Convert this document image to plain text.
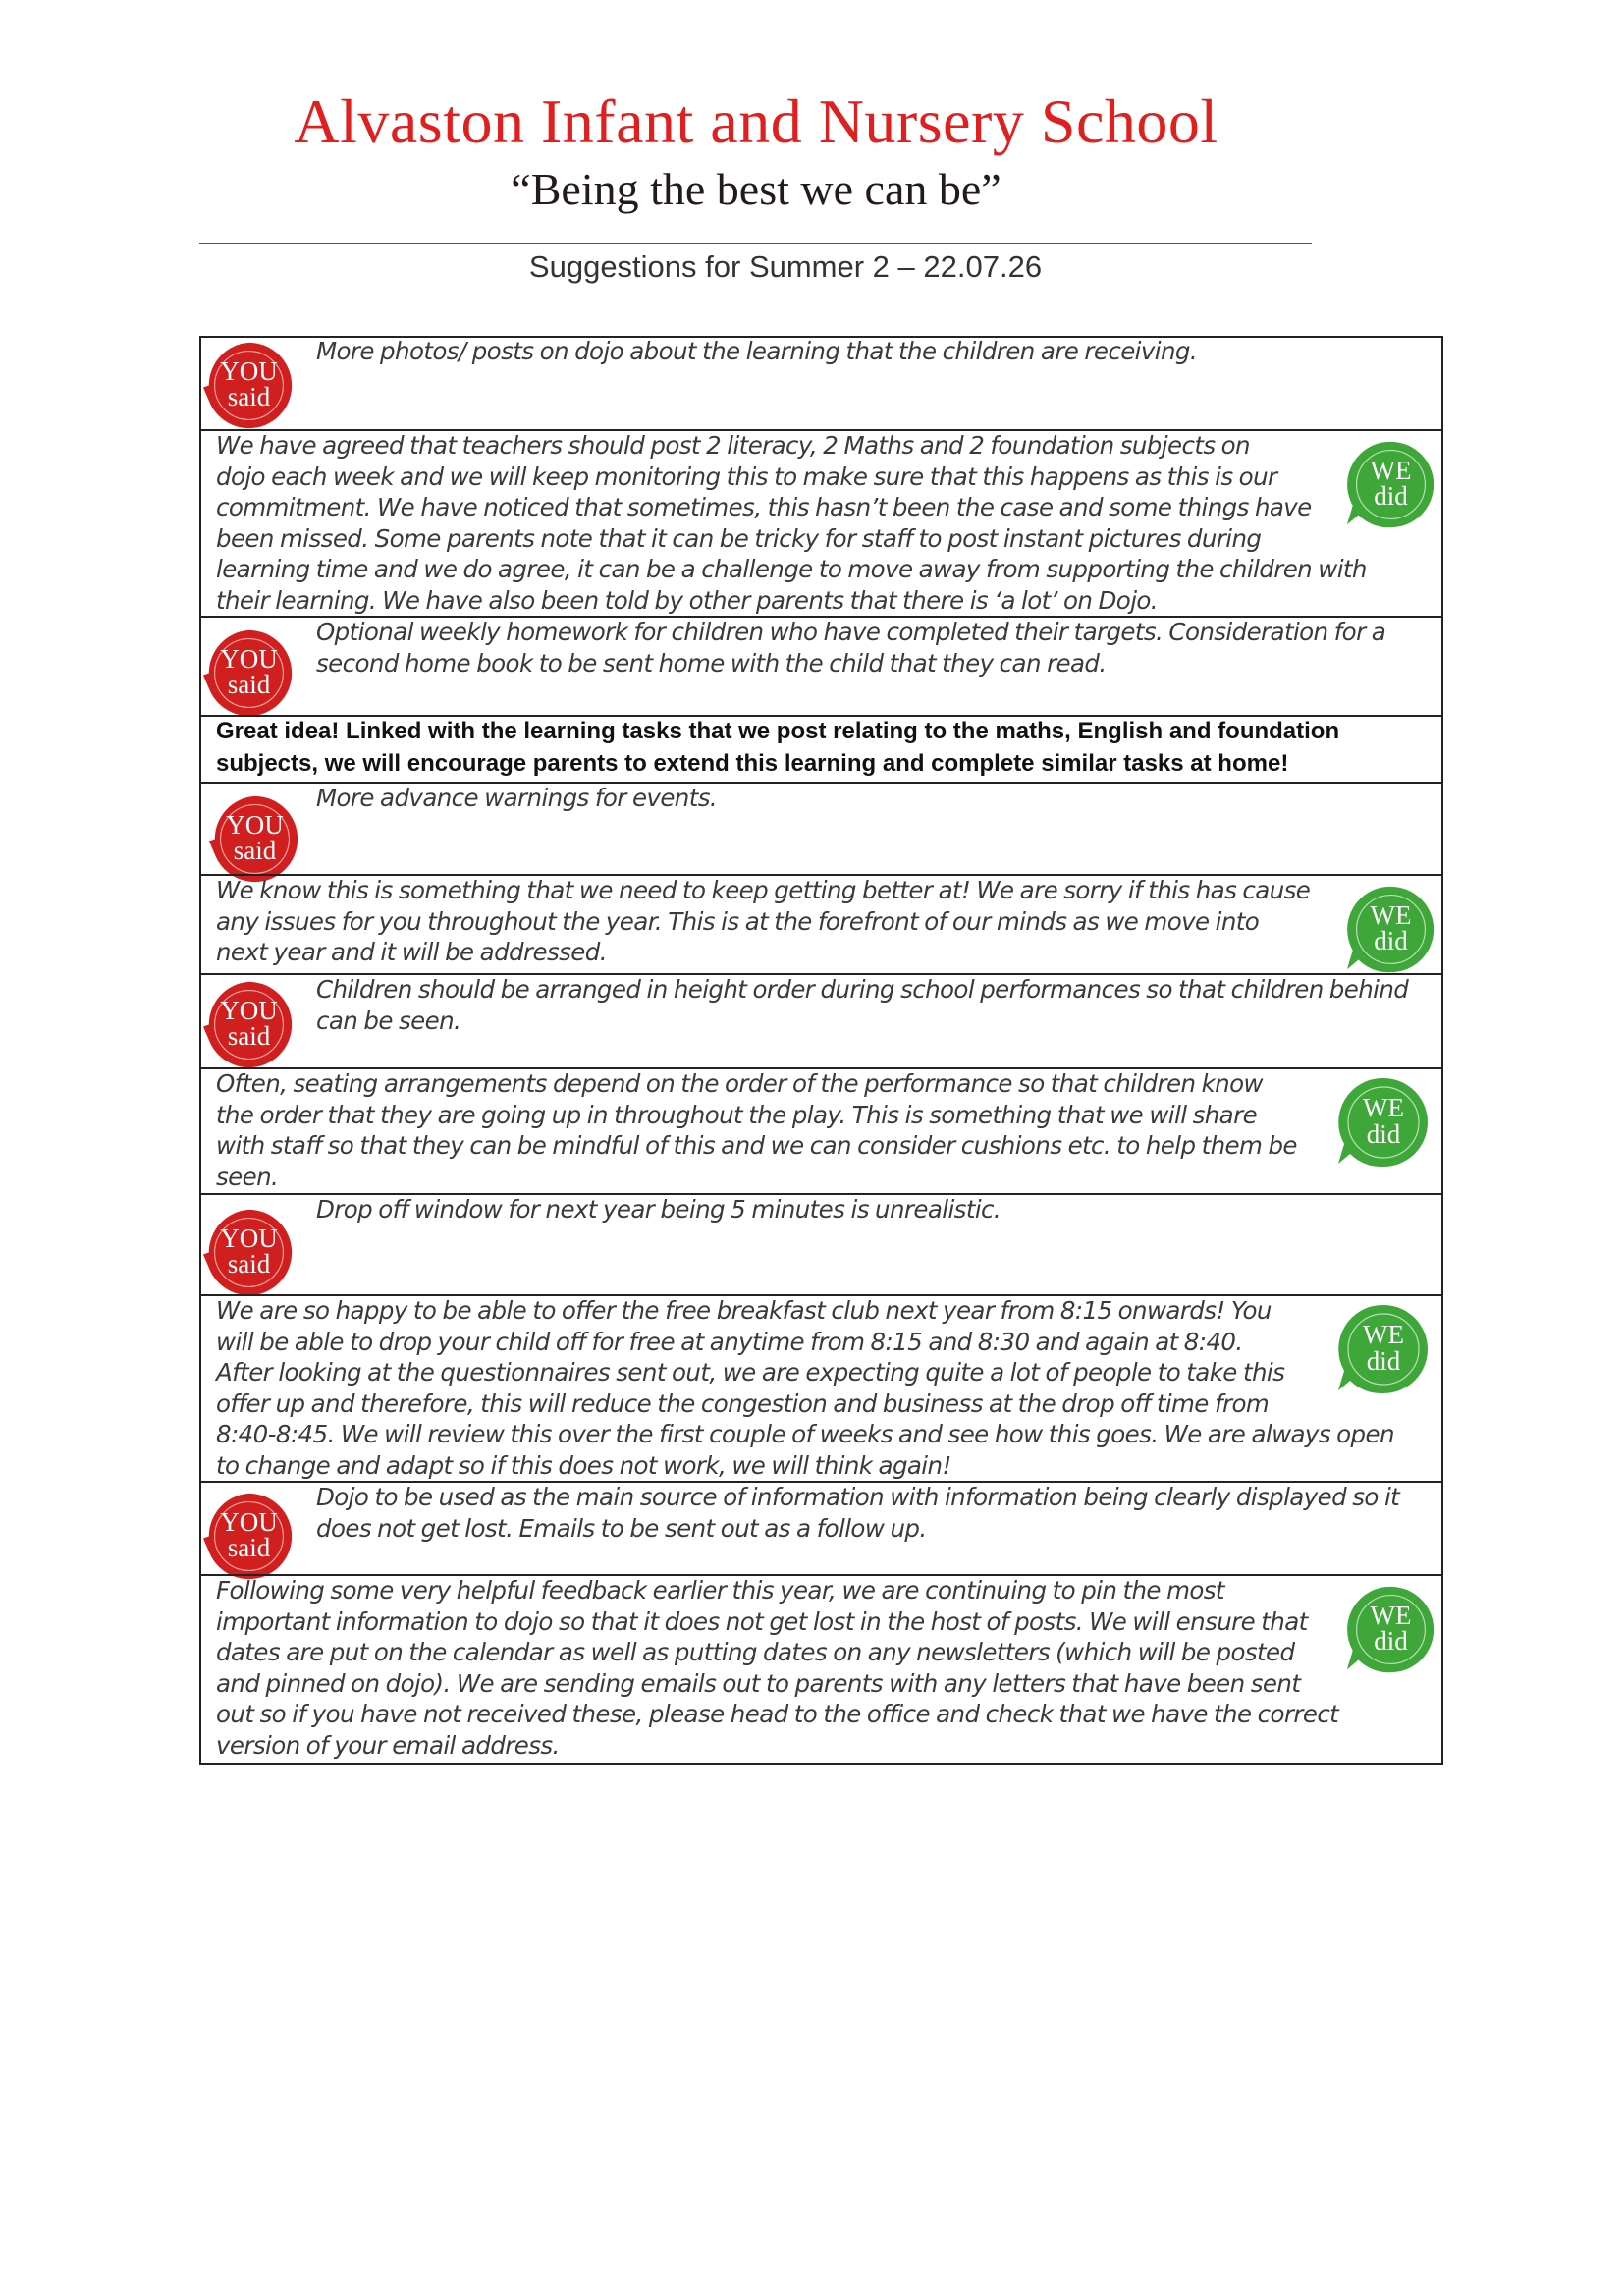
Alvaston Infant and Nursery School
“Being the best we can be”
Suggestions for Summer 2 – 22.07.26
YOU
said

More photos/ posts on dojo about the learning that the children are receiving.

WE
did

We have agreed that teachers should post 2 literacy, 2 Maths and 2 foundation subjects on
dojo each week and we will keep monitoring this to make sure that this happens as this is our
commitment. We have noticed that sometimes, this hasn’t been the case and some things have
been missed. Some parents note that it can be tricky for staff to post instant pictures during
learning time and we do agree, it can be a challenge to move away from supporting the children with
their learning. We have also been told by other parents that there is ‘a lot’ on Dojo.

YOU
said

Optional weekly homework for children who have completed their targets. Consideration for a
second home book to be sent home with the child that they can read.

Great idea! Linked with the learning tasks that we post relating to the maths, English and foundation
subjects, we will encourage parents to extend this learning and complete similar tasks at home!

YOU
said

More advance warnings for events.

WE
did

We know this is something that we need to keep getting better at! We are sorry if this has cause
any issues for you throughout the year. This is at the forefront of our minds as we move into
next year and it will be addressed.

YOU
said

Children should be arranged in height order during school performances so that children behind
can be seen.

WE
did

Often, seating arrangements depend on the order of the performance so that children know
the order that they are going up in throughout the play. This is something that we will share
with staff so that they can be mindful of this and we can consider cushions etc. to help them be
seen.

YOU
said

Drop off window for next year being 5 minutes is unrealistic.

WE
did

We are so happy to be able to offer the free breakfast club next year from 8:15 onwards! You
will be able to drop your child off for free at anytime from 8:15 and 8:30 and again at 8:40.
After looking at the questionnaires sent out, we are expecting quite a lot of people to take this
offer up and therefore, this will reduce the congestion and business at the drop off time from
8:40-8:45. We will review this over the first couple of weeks and see how this goes. We are always open
to change and adapt so if this does not work, we will think again!

YOU
said

Dojo to be used as the main source of information with information being clearly displayed so it
does not get lost. Emails to be sent out as a follow up.

WE
did

Following some very helpful feedback earlier this year, we are continuing to pin the most
important information to dojo so that it does not get lost in the host of posts. We will ensure that
dates are put on the calendar as well as putting dates on any newsletters (which will be posted
and pinned on dojo). We are sending emails out to parents with any letters that have been sent
out so if you have not received these, please head to the office and check that we have the correct
version of your email address.
